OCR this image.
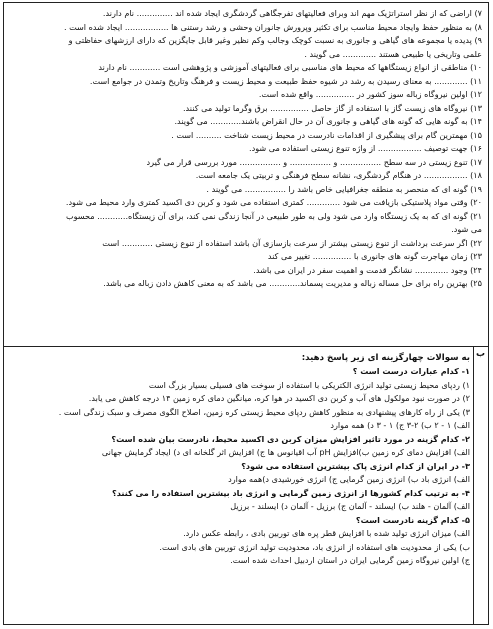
۷) اراضی که از نظر استراتژیک مهم اند وبرای فعالیتهای تفرجگاهی گردشگری ایجاد شده اند .............. نام دارند.
۸) به منظور حفظ وایجاد محیط مناسب برای تکثیر وپرورش جانوران وحشی و رشد رستنی ها ................. ایجاد شده است .
۹) پدیده یا مجموعه های گیاهی و جانوری به نسبت کوچک وجالب وکم نظیر وغیر قابل جایگزین که دارای ارزشهای حفاظتی و
علمی وتاریخی یا طبیعی هستند ............. می گویند .
۱۰) مناطقی از انواع زیستگاهها که محیط های مناسبی برای فعالیتهای آموزشی و پژوهشی است ............ نام دارند
۱۱) ............. به معنای رسیدن به رشد در شیوه حفظ طبیعت و محیط زیست و فرهنگ وتاریخ وتمدن در جوامع است.
۱۲) اولین نیروگاه زباله سوز کشور در ............... واقع شده است.
۱۳) نیروگاه های زیست گاز با استفاده از گاز حاصل ............... برق وگرما تولید می کنند.
۱۴) به گونه هایی که گونه های گیاهی و جانوری آن در حال انقراض باشند............ می گویند.
۱۵) مهمترین گام برای پیشگیری از اقدامات نادرست در محیط زیست شناخت .......... است .
۱۶) جهت توصیف ................. از واژه تنوع زیستی استفاده می شود.
۱۷) تنوع زیستی در سه سطح ................ و ................ و ................ مورد بررسی قرار می گیرد
۱۸) ................. در هنگام گردشگری، نشانه سطح فرهنگی و تربیتی یک جامعه است.
۱۹) گونه ای که منحصر به منطقه جغرافیایی خاص باشد را ................ می گویند .
۲۰) وقتی مواد پلاستیکی بازیافت می شود ............. کمتری استفاده می شود و کربن دی اکسید کمتری وارد محیط می شود.
۲۱) گونه ای که به یک زیستگاه وارد می شود ولی به طور طبیعی در آنجا زندگی نمی کند، برای آن زیستگاه............ محسوب
می شود.
۲۲) اگر سرعت برداشت از تنوع زیستی بیشتر از سرعت بازسازی آن باشد استفاده از تنوع زیستی ............ است
۲۳) زمان مهاجرت گونه های جانوری با ............... تغییر می کند
۲۴) وجود ............. نشانگر قدمت و اهمیت سفر در ایران می باشد.
۲۵) بهترین راه برای حل مساله زباله و مدیریت پسماند............ می باشد که به معنی کاهش دادن زباله می باشد.
ب
به سوالات چهارگزینه ای زیر پاسخ دهید:
۱- کدام عبارات درست است ؟
۱) ردپای محیط زیستی تولید انرژی الکتریکی با استفاده از سوخت های فسیلی بسیار بزرگ است
۲) در صورت نبود مولکول های آب و کربن دی اکسید در هوا کره، میانگین دمای کره زمین ۱۴ درجه کاهش می یابد.
۳) یکی از راه کارهای پیشنهادی به منظور کاهش ردپای محیط زیستی کره زمین، اصلاح الگوی مصرف و سبک زندگی است .
الف) ۱ - ۲ ب) ۲-۳ ج) ۱ - ۳ د) همه موارد
۲- کدام گزینه در مورد تاثیر افزایش میزان کربن دی اکسید محیط، نادرست بیان شده است؟
الف) افزایش دمای کره زمین ب)افزایش pH آب اقیانوس ها ج) افزایش اثر گلخانه ای د) ایجاد گرمایش جهانی
۳- در ایران از کدام انرژی پاک بیشترین استفاده می شود؟
الف) انرژی باد ب) انرژی زمین گرمایی ج) انرژی خورشیدی د)همه موارد
۴- به ترتیب کدام کشورها از انرژی زمین گرمایی و انرژی باد بیشترین استفاده را می کنند؟
الف) آلمان - هلند ب) ایسلند - آلمان ج) برزیل - آلمان د) ایسلند - برزیل
۵- کدام گزینه نادرست است؟
الف) میزان انرژی تولید شده با افزایش قطر پره های توربین بادی ، رابطه عکس دارد.
ب) یکی از محدودیت های استفاده از انرژی باد، محدودیت تولید انرژی توربین های بادی است.
ج) اولین نیروگاه زمین گرمایی ایران در استان اردبیل احداث شده است.
